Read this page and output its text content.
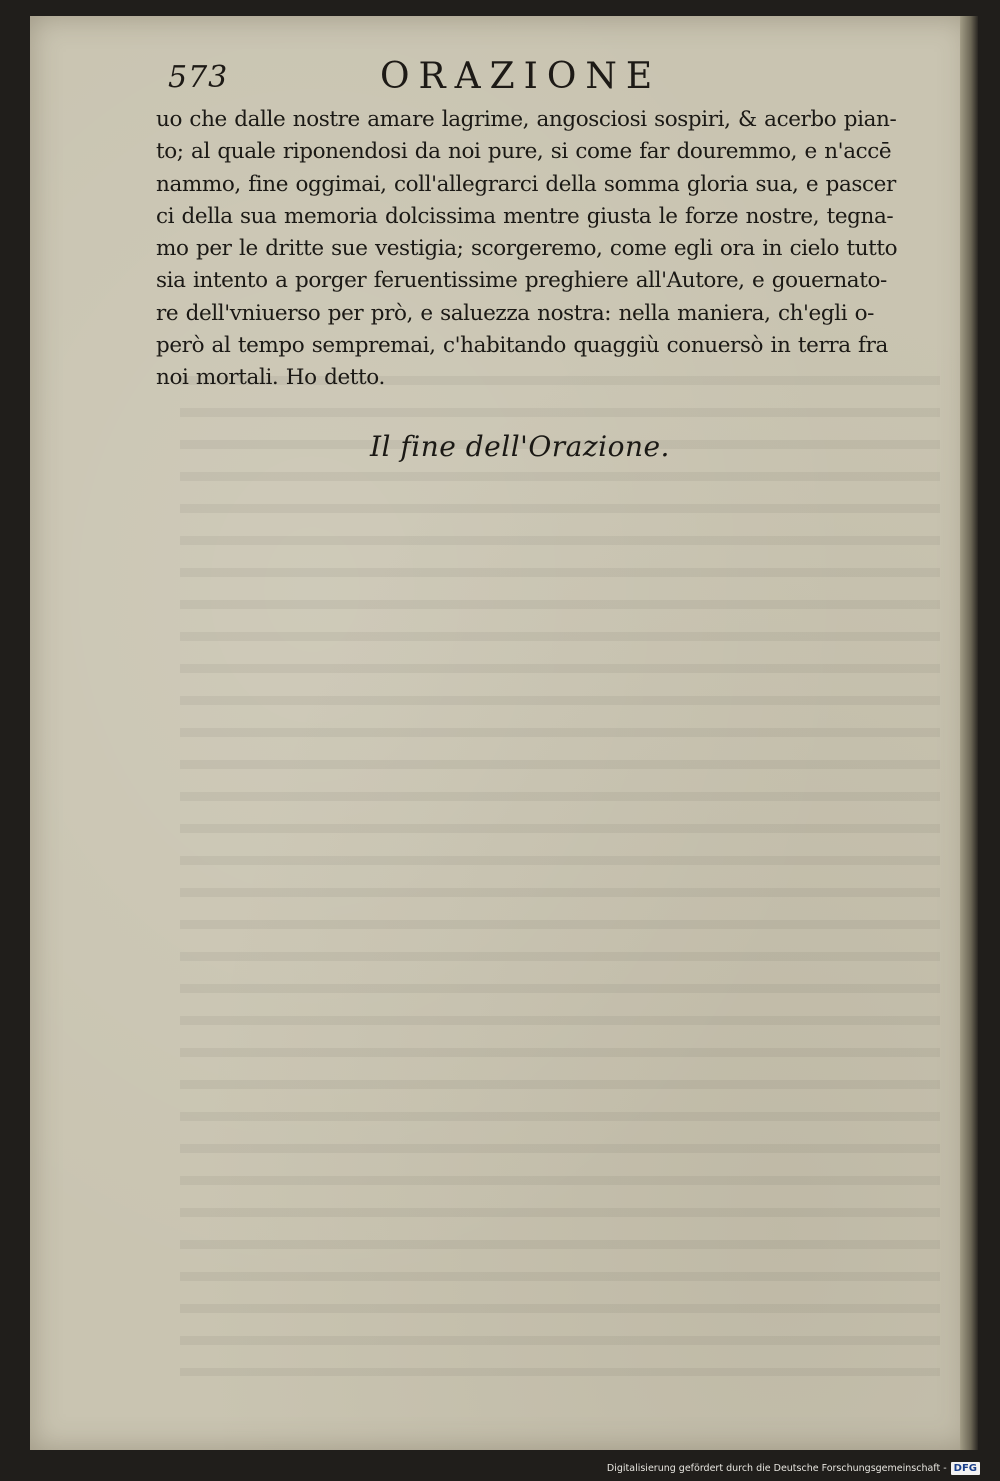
573	ORAZIONE
uo che dalle nostre amare lagrime, angosciosi sospiri, & acerbo pian-
to; al quale riponendosi da noi pure, si come far douremmo, e n'accē
nammo, fine oggimai, coll'allegrarci della somma gloria sua, e pascer
ci della sua memoria dolcissima mentre giusta le forze nostre, tegna-
mo per le dritte sue vestigia; scorgeremo, come egli ora in cielo tutto
sia intento a porger feruentissime preghiere all'Autore, e gouernato-
re dell'vniuerso per prò, e saluezza nostra: nella maniera, ch'egli o-
però al tempo sempremai, c'habitando quaggiù conuersò in terra fra
noi mortali. Ho detto.
Il fine dell'Orazione.
Digitalisierung gefördert durch die Deutsche Forschungsgemeinschaft - DFG
